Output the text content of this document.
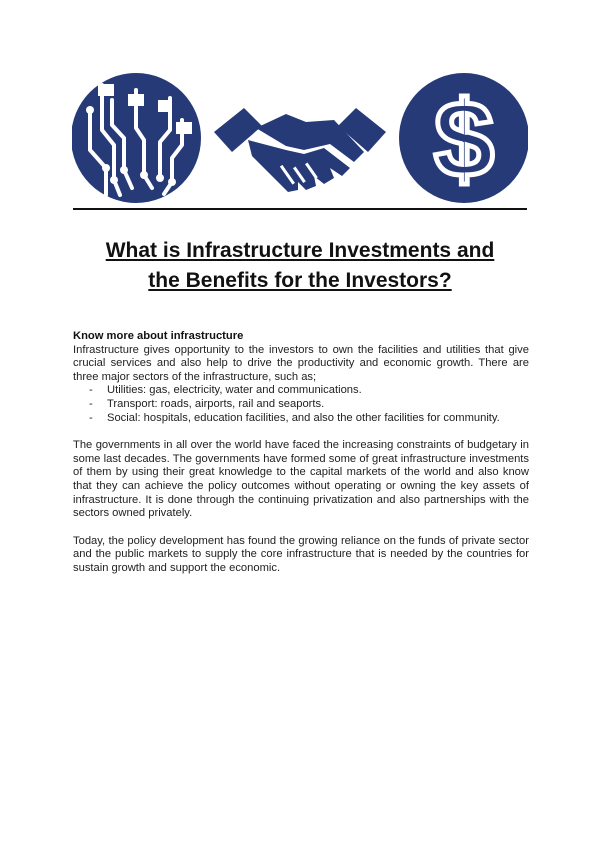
$
What is Infrastructure Investments and
the Benefits for the Investors?

Know more about infrastructure

Infrastructure gives opportunity to the investors to own the facilities and utilities that give crucial services and also help to drive the productivity and economic growth. There are three major sectors of the infrastructure, such as;

-	Utilities: gas, electricity, water and communications.
-	Transport: roads, airports, rail and seaports.
-	Social: hospitals, education facilities, and also the other facilities for community.

The governments in all over the world have faced the increasing constraints of budgetary in some last decades. The governments have formed some of great infrastructure investments of them by using their great knowledge to the capital markets of the world and also know that they can achieve the policy outcomes without operating or owning the key assets of infrastructure. It is done through the continuing privatization and also partnerships with the sectors owned privately.

Today, the policy development has found the growing reliance on the funds of private sector and the public markets to supply the core infrastructure that is needed by the countries for sustain growth and support the economic.
